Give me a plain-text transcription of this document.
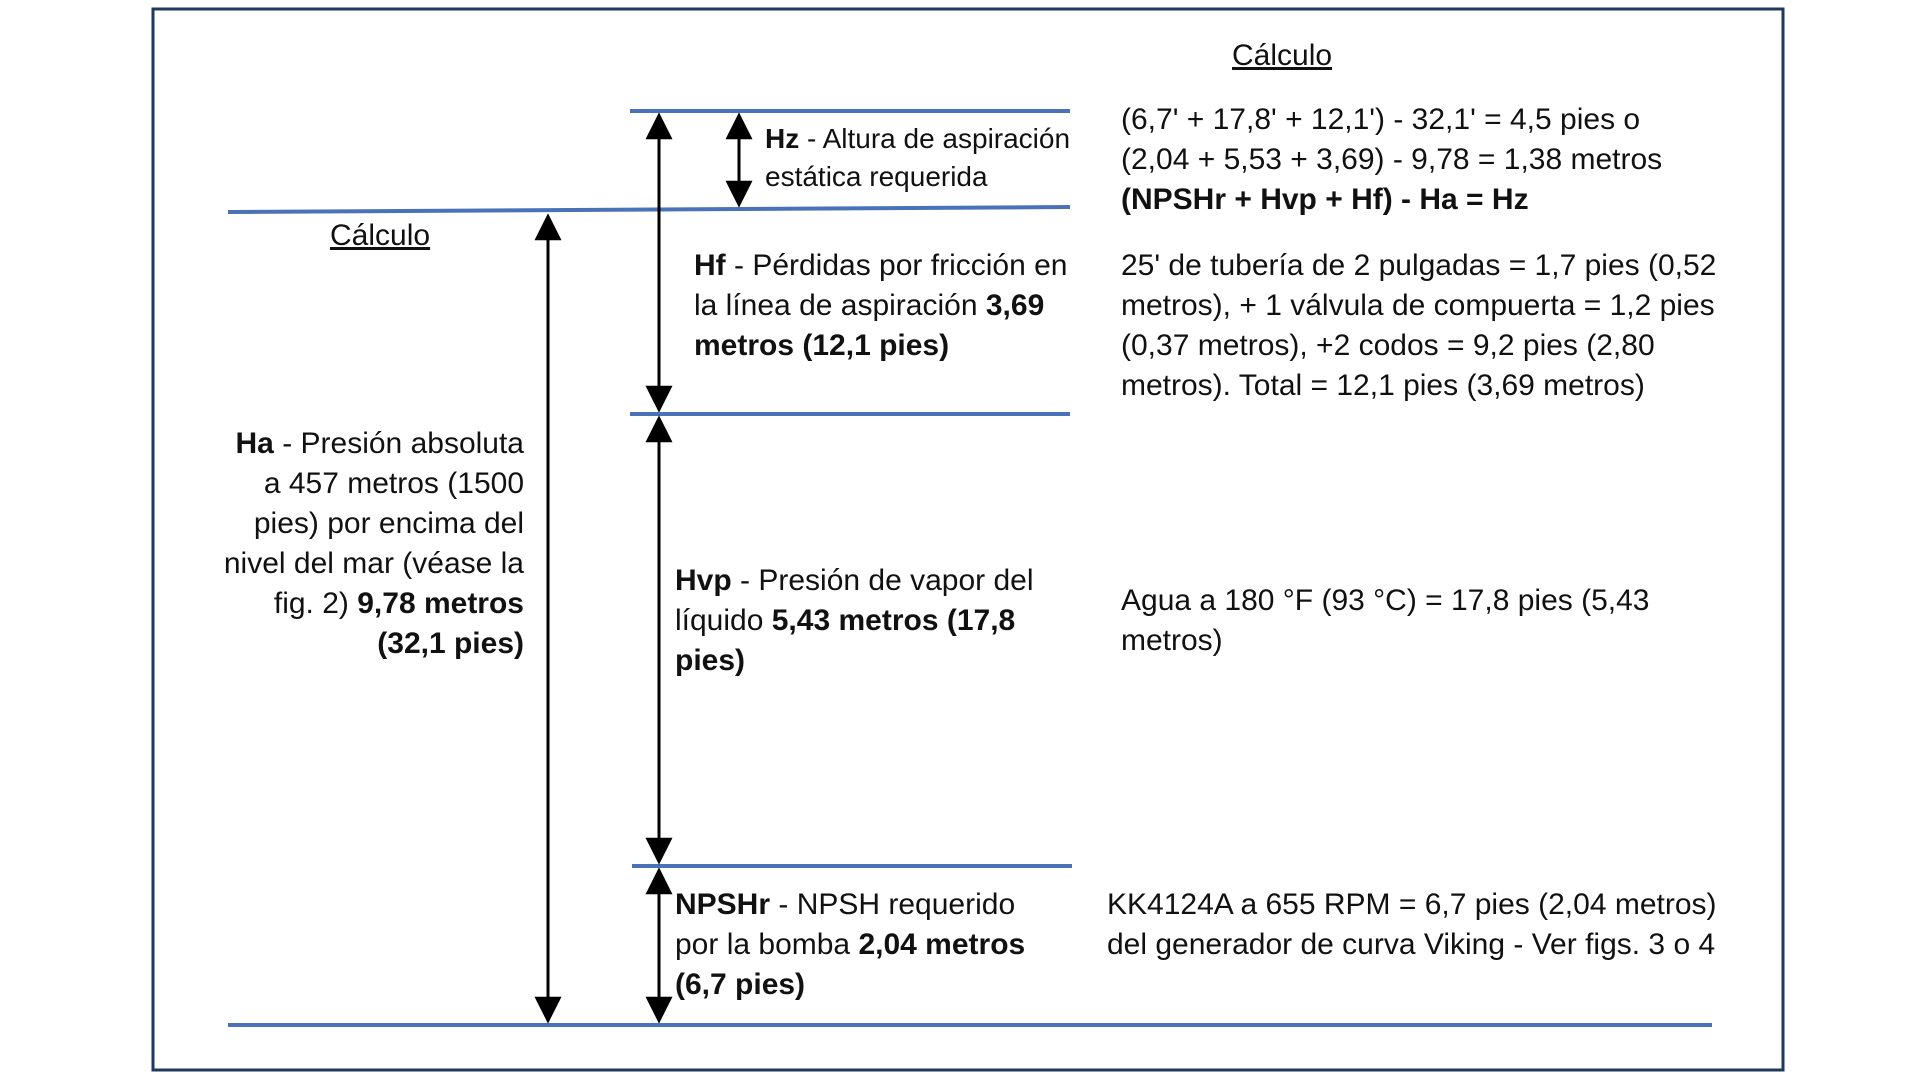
Cálculo
Cálculo
Hz - Altura de aspiración estática requerida
Hf - Pérdidas por fricción en la línea de aspiración 3,69 metros (12,1 pies)
Hvp - Presión de vapor del líquido 5,43 metros (17,8 pies)
NPSHr - NPSH requerido por la bomba 2,04 metros (6,7 pies)
Ha - Presión absoluta a 457 metros (1500 pies) por encima del nivel del mar (véase la fig. 2) 9,78 metros (32,1 pies)
(6,7' + 17,8' + 12,1') - 32,1' = 4,5 pies o
(2,04 + 5,53 + 3,69) - 9,78 = 1,38 metros
(NPSHr + Hvp + Hf) - Ha = Hz
25' de tubería de 2 pulgadas = 1,7 pies (0,52 metros), + 1 válvula de compuerta = 1,2 pies (0,37 metros), +2 codos = 9,2 pies (2,80 metros). Total = 12,1 pies (3,69 metros)
Agua a 180 °F (93 °C) = 17,8 pies (5,43 metros)
KK4124A a 655 RPM = 6,7 pies (2,04 metros) del generador de curva Viking - Ver figs. 3 o 4
